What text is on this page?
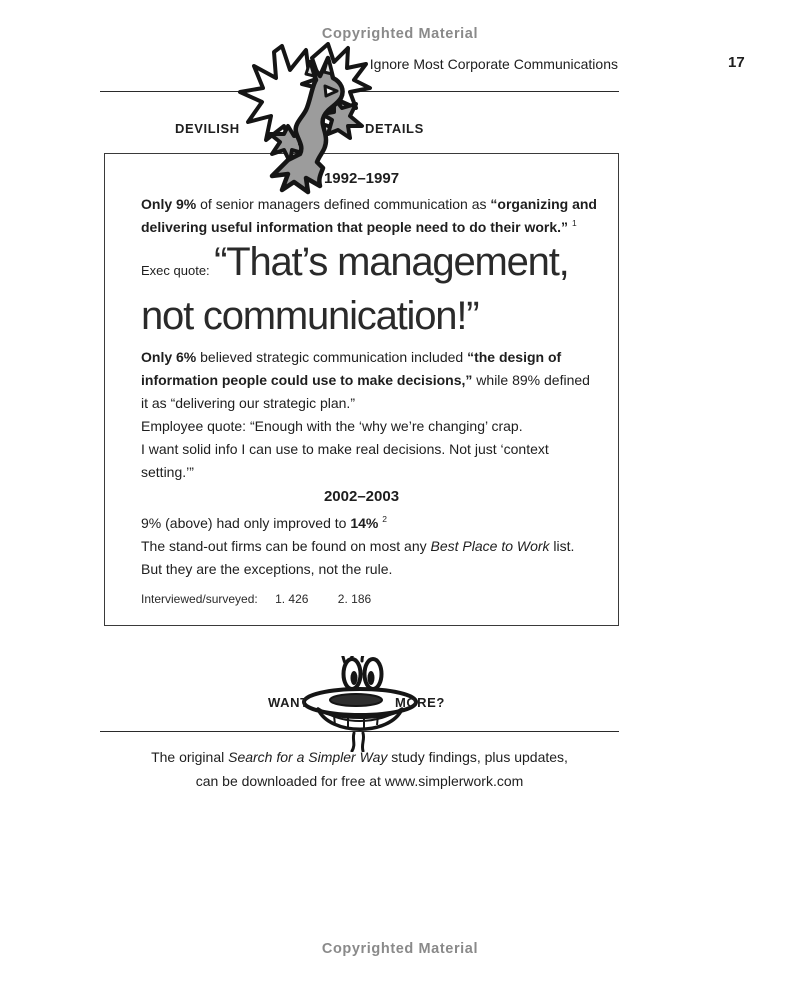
Copyrighted Material
Ignore Most Corporate Communications	17
DEVILISH	DETAILS
1992–1997
Only 9% of senior managers defined communication as “organizing and
delivering useful information that people need to do their work.” $^1$
Exec quote: “That’s management,
not communication!”
Only 6% believed strategic communication included “the design of
information people could use to make decisions,” while 89% defined
it as “delivering our strategic plan.”
Employee quote: “Enough with the ‘why we’re changing’ crap.
I want solid info I can use to make real decisions. Not just ‘context
setting.’”
2002–2003
9% (above) had only improved to 14% $^2$
The stand-out firms can be found on most any Best Place to Work list.
But they are the exceptions, not the rule.
Interviewed/surveyed: 1. 426 2. 186
WANT	MORE?
The original Search for a Simpler Way study findings, plus updates,
can be downloaded for free at www.simplerwork.com
Copyrighted Material
